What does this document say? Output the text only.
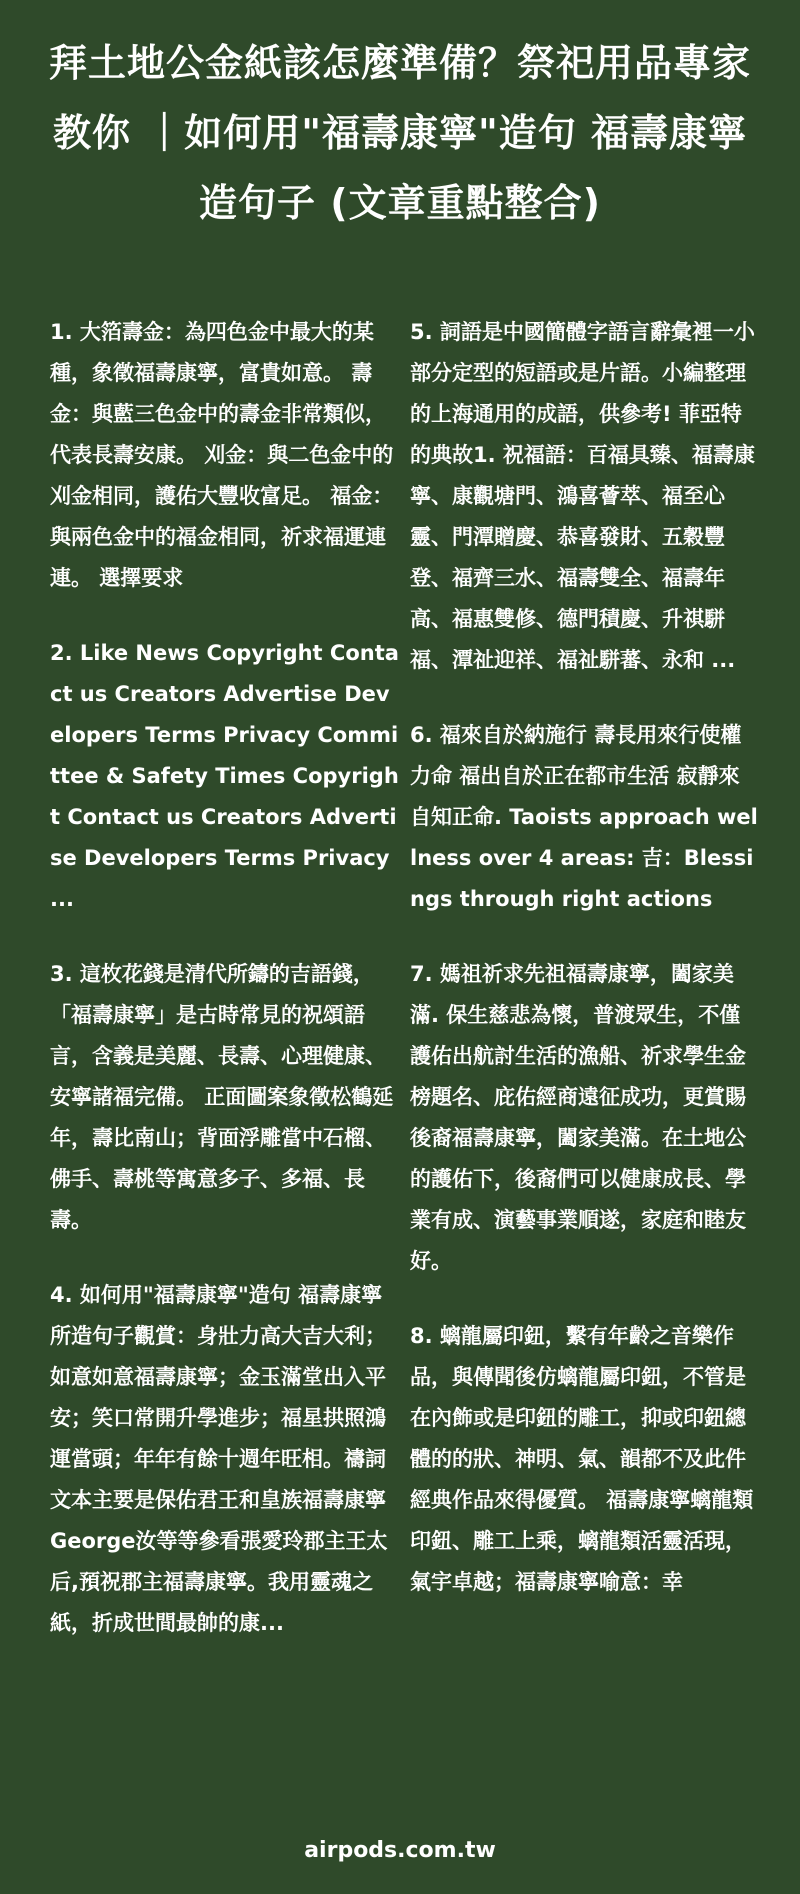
拜土地公金紙該怎麼準備？祭祀用品專家教你 ｜如何用"福壽康寧"造句 福壽康寧造句子 (文章重點整合)

1. 大箔壽金：為四色金中最大的某種，象徵福壽康寧，富貴如意。 壽金：與藍三色金中的壽金非常類似，代表長壽安康。 刈金：與二色金中的刈金相同，護佑大豐收富足。 福金：與兩色金中的福金相同，祈求福運連連。 選擇要求

2. Like News Copyright Contact us Creators Advertise Developers Terms Privacy Committee & Safety Times Copyright Contact us Creators Advertise Developers Terms Privacy ...

3. 這枚花錢是清代所鑄的吉語錢，「福壽康寧」是古時常見的祝頌語言，含義是美麗、長壽、心理健康、安寧諸福完備。 正面圖案象徵松鶴延年，壽比南山；背面浮雕當中石榴、佛手、壽桃等寓意多子、多福、長壽。

4. 如何用"福壽康寧"造句 福壽康寧所造句子觀賞：身壯力高大吉大利；如意如意福壽康寧；金玉滿堂出入平安；笑口常開升學進步；福星拱照鴻運當頭；年年有餘十週年旺相。禱詞文本主要是保佑君王和皇族福壽康寧George汝等等參看張愛玲郡主王太后,預祝郡主福壽康寧。我用靈魂之紙，折成世間最帥的康...

5. 詞語是中國簡體字語言辭彙裡一小部分定型的短語或是片語。小編整理的上海通用的成語，供參考! 菲亞特的典故1. 祝福語：百福具臻、福壽康寧、康觀塘門、鴻喜薈萃、福至心靈、門潭贈慶、恭喜發財、五穀豐登、福齊三水、福壽雙全、福壽年高、福惠雙修、德門積慶、升祺駢福、潭祉迎祥、福祉駢蕃、永和 ...

6. 福來自於納施行 壽長用來行使權力命 福出自於正在都市生活 寂靜來自知正命. Taoists approach wellness over 4 areas: 吉：Blessings through right actions

7. 媽祖祈求先祖福壽康寧，闔家美滿. 保生慈悲為懷，普渡眾生，不僅護佑出航討生活的漁船、祈求學生金榜題名、庇佑經商遠征成功，更賞賜後裔福壽康寧，闔家美滿。在土地公的護佑下，後裔們可以健康成長、學業有成、演藝事業順遂，家庭和睦友好。

8. 螭龍屬印鈕，繫有年齡之音樂作品，與傳聞後仿螭龍屬印鈕，不管是在內飾或是印鈕的雕工，抑或印鈕總體的的狀、神明、氣、韻都不及此件經典作品來得優質。 福壽康寧螭龍類印鈕、雕工上乘，螭龍類活靈活現，氣宇卓越；福壽康寧喻意：幸

airpods.com.tw
